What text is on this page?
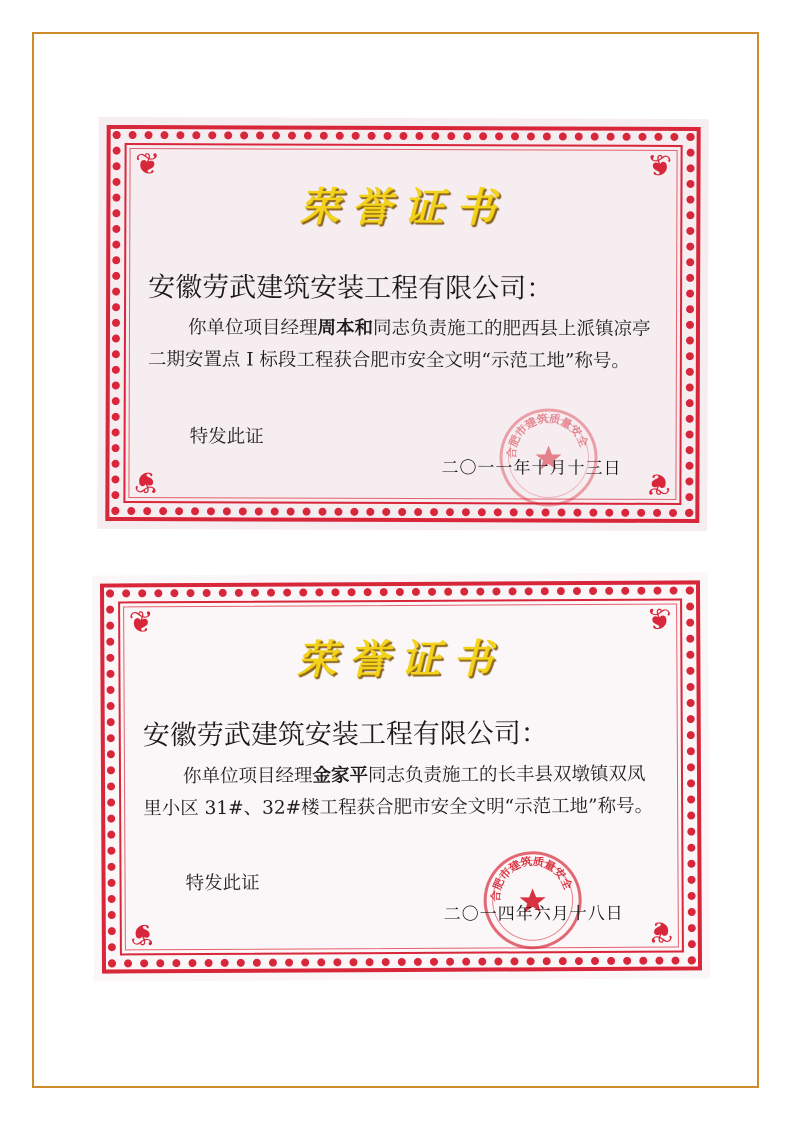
❦	❦
❦	❦
荣誉证书
安徽劳武建筑安装工程有限公司：
你单位项目经理周本和同志负责施工的肥西县上派镇凉亭二期安置点 I 标段工程获合肥市安全文明“示范工地”称号。
特发此证
合肥市建筑质量安全
二〇一一年十月十三日
❦	❦
❦	❦
荣誉证书
安徽劳武建筑安装工程有限公司：
你单位项目经理金家平同志负责施工的长丰县双墩镇双凤里小区 31#、32#楼工程获合肥市安全文明“示范工地”称号。
特发此证
合肥市建筑质量安全
二〇一四年六月十八日
